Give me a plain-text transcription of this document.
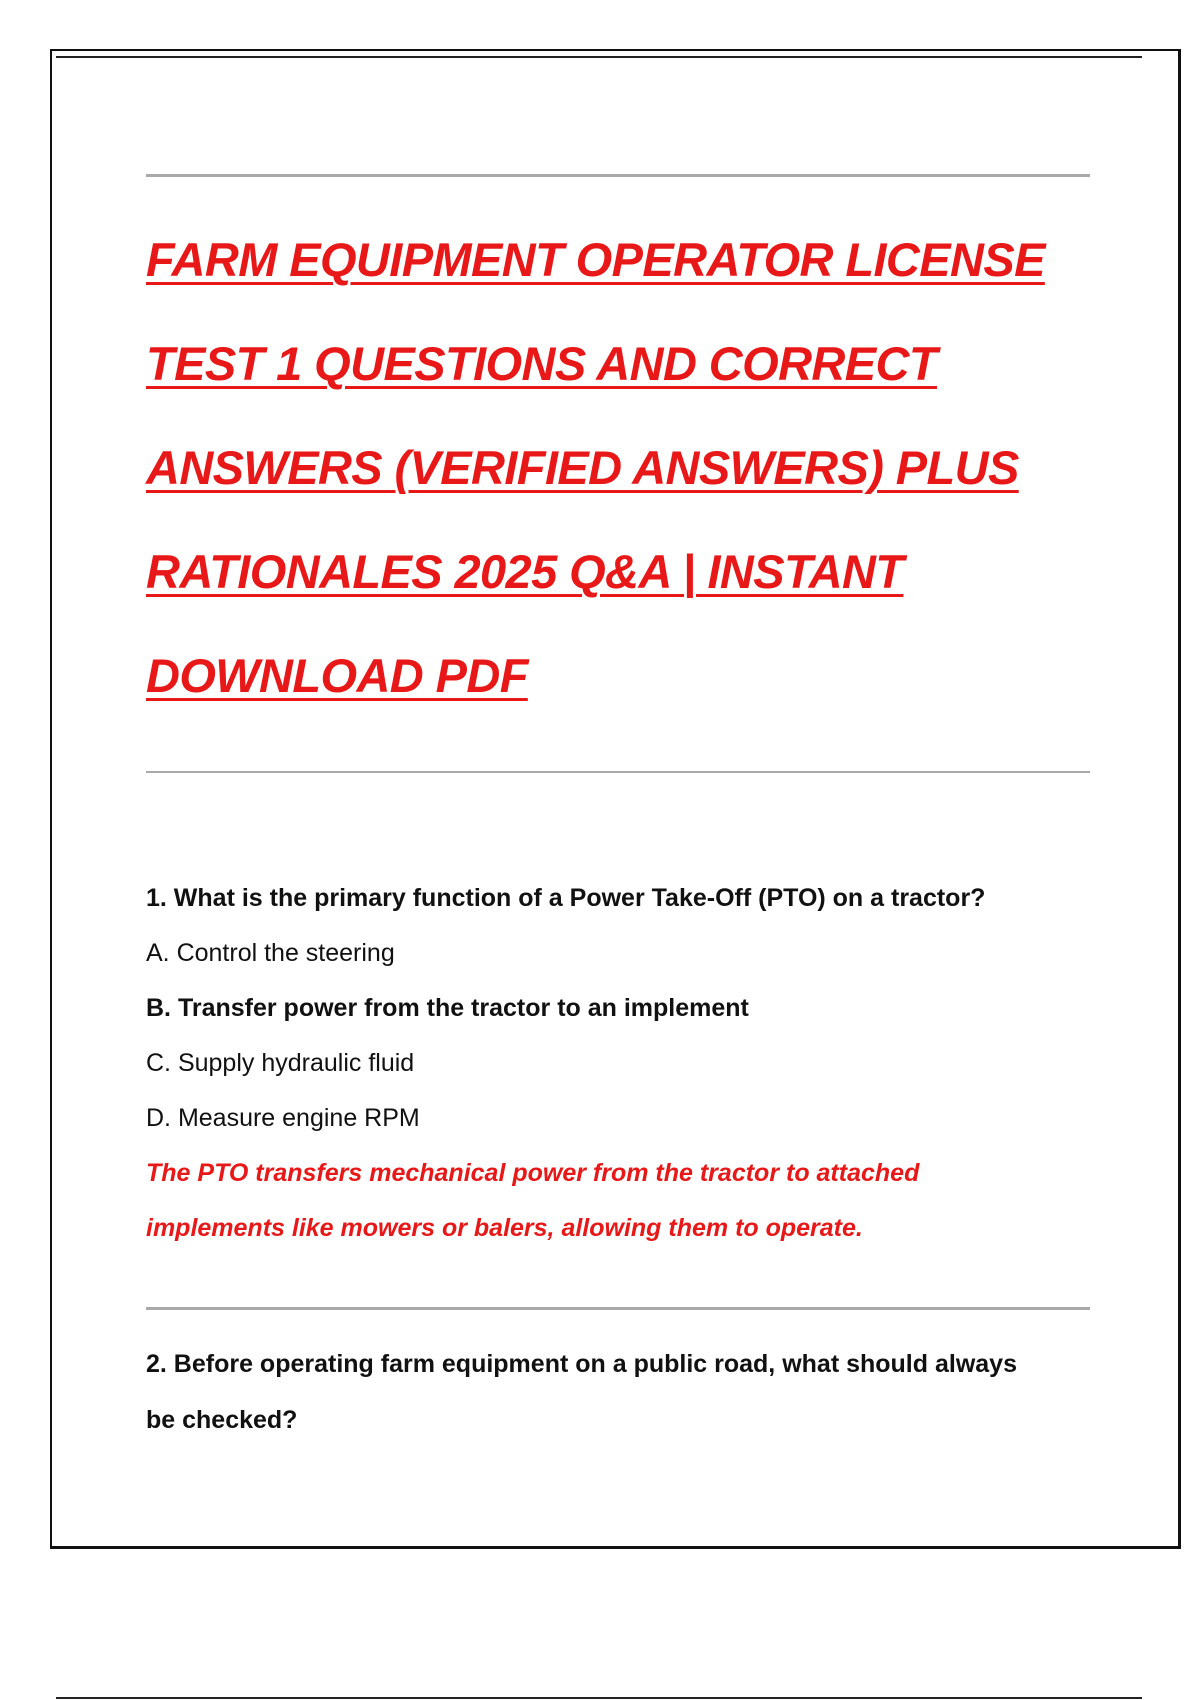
FARM EQUIPMENT OPERATOR LICENSE
TEST 1 QUESTIONS AND CORRECT
ANSWERS (VERIFIED ANSWERS) PLUS
RATIONALES 2025 Q&A | INSTANT
DOWNLOAD PDF
1. What is the primary function of a Power Take-Off (PTO) on a tractor?
A. Control the steering
B. Transfer power from the tractor to an implement
C. Supply hydraulic fluid
D. Measure engine RPM
The PTO transfers mechanical power from the tractor to attached
implements like mowers or balers, allowing them to operate.
2. Before operating farm equipment on a public road, what should always
be checked?
